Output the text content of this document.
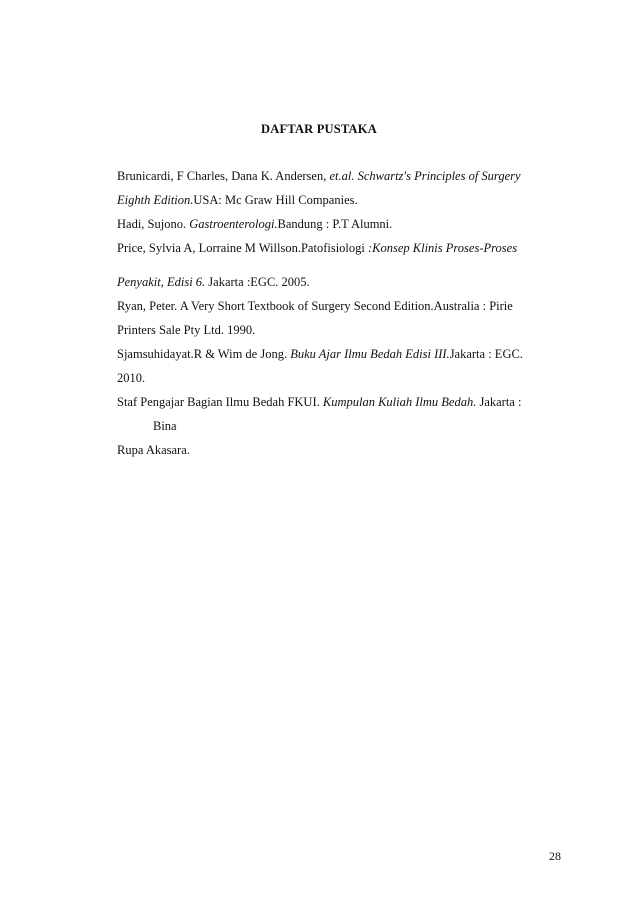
DAFTAR PUSTAKA
Brunicardi, F Charles, Dana K. Andersen, et.al. Schwartz's Principles of Surgery
Eighth Edition.USA: Mc Graw Hill Companies.
Hadi, Sujono. Gastroenterologi.Bandung : P.T Alumni.
Price, Sylvia A, Lorraine M Willson.Patofisiologi :Konsep Klinis Proses-Proses
Penyakit, Edisi 6. Jakarta :EGC. 2005.
Ryan, Peter. A Very Short Textbook of Surgery Second Edition.Australia : Pirie
Printers Sale Pty Ltd. 1990.
Sjamsuhidayat.R & Wim de Jong. Buku Ajar Ilmu Bedah Edisi III.Jakarta : EGC.
2010.
Staf Pengajar Bagian Ilmu Bedah FKUI. Kumpulan Kuliah Ilmu Bedah. Jakarta : Bina
Rupa Akasara.
28
